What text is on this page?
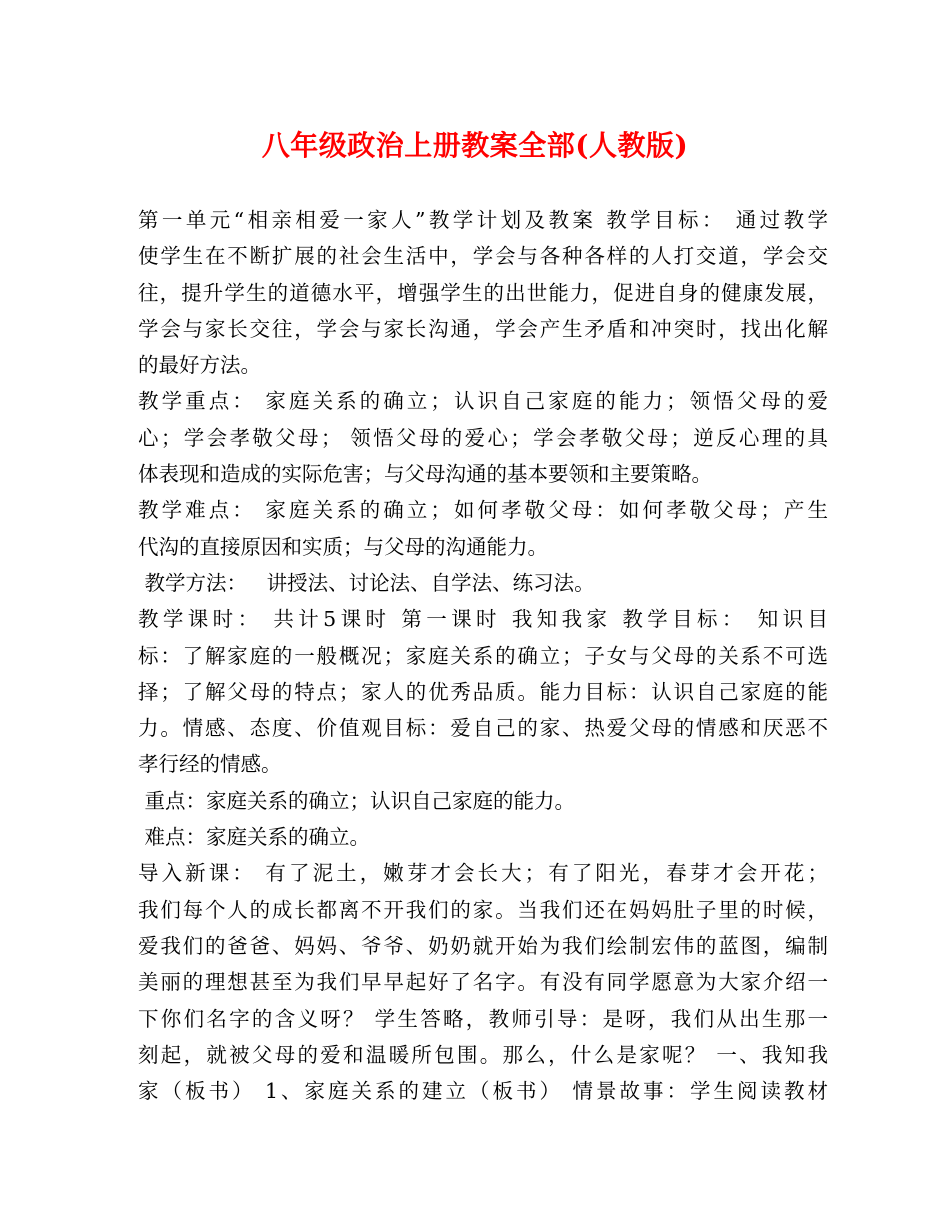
八年级政治上册教案全部(人教版)
第一单元“相亲相爱一家人”教学计划及教案 教学目标： 通过教学
使学生在不断扩展的社会生活中，学会与各种各样的人打交道，学会交
往，提升学生的道德水平，增强学生的出世能力，促进自身的健康发展，
学会与家长交往，学会与家长沟通，学会产生矛盾和冲突时，找出化解
的最好方法。
教学重点： 家庭关系的确立；认识自己家庭的能力；领悟父母的爱
心；学会孝敬父母； 领悟父母的爱心；学会孝敬父母；逆反心理的具
体表现和造成的实际危害；与父母沟通的基本要领和主要策略。
教学难点： 家庭关系的确立；如何孝敬父母：如何孝敬父母；产生
代沟的直接原因和实质；与父母的沟通能力。
教学方法：   讲授法、讨论法、自学法、练习法。
教学课时： 共计5课时 第一课时 我知我家 教学目标： 知识目
标：了解家庭的一般概况；家庭关系的确立；子女与父母的关系不可选
择；了解父母的特点；家人的优秀品质。能力目标：认识自己家庭的能
力。情感、态度、价值观目标：爱自己的家、热爱父母的情感和厌恶不
孝行经的情感。
重点：家庭关系的确立；认识自己家庭的能力。
难点：家庭关系的确立。
导入新课： 有了泥土，嫩芽才会长大；有了阳光，春芽才会开花；
我们每个人的成长都离不开我们的家。当我们还在妈妈肚子里的时候，
爱我们的爸爸、妈妈、爷爷、奶奶就开始为我们绘制宏伟的蓝图，编制
美丽的理想甚至为我们早早起好了名字。有没有同学愿意为大家介绍一
下你们名字的含义呀？ 学生答略，教师引导：是呀，我们从出生那一
刻起，就被父母的爱和温暖所包围。那么，什么是家呢？ 一、我知我
家（板书） 1、家庭关系的建立（板书） 情景故事：学生阅读教材
